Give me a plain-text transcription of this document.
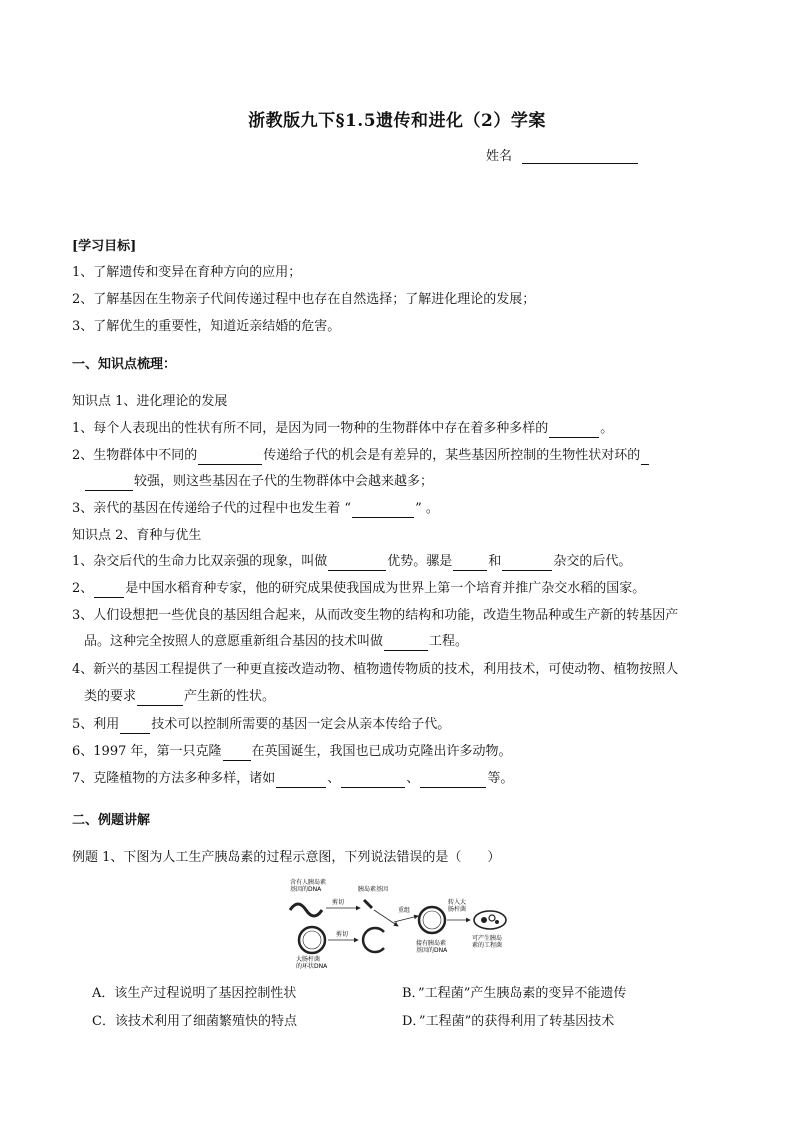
浙教版九下§1.5遗传和进化（2）学案
姓名
[学习目标]
1、了解遗传和变异在育种方向的应用；
2、了解基因在生物亲子代间传递过程中也存在自然选择；了解进化理论的发展；
3、了解优生的重要性，知道近亲结婚的危害。
一、知识点梳理：
知识点 1、进化理论的发展
1、每个人表现出的性状有所不同，是因为同一物种的生物群体中存在着多种多样的	。
2、生物群体中不同的	传递给子代的机会是有差异的，某些基因所控制的生物性状对环的
较强，则这些基因在子代的生物群体中会越来越多；
3、亲代的基因在传递给子代的过程中也发生着 “	” 。
知识点 2、育种与优生
1、杂交后代的生命力比双亲强的现象，叫做	优势。骡是	和	杂交的后代。
2、 是中国水稻育种专家，他的研究成果使我国成为世界上第一个培育并推广杂交水稻的国家。
3、人们设想把一些优良的基因组合起来，从而改变生物的结构和功能，改造生物品种或生产新的转基因产
品。这种完全按照人的意愿重新组合基因的技术叫做	工程。
4、新兴的基因工程提供了一种更直接改造动物、植物遗传物质的技术，利用技术，可使动物、植物按照人
类的要求	产生新的性状。
5、利用 技术可以控制所需要的基因一定会从亲本传给子代。
6、1997 年，第一只克隆 在英国诞生，我国也已成功克隆出许多动物。
7、克隆植物的方法多种多样，诸如	、	、	等。
二、例题讲解
例题 1、下图为人工生产胰岛素的过程示意图，下列说法错误的是（　　）
含有人胰岛素
基因的DNA
剪切
胰岛素基因
大肠杆菌
的环状DNA
剪切
重组
接有胰岛素
基因的DNA
转入大
肠杆菌
可产生胰岛
素的工程菌
A．该生产过程说明了基因控制性状	B．”工程菌”产生胰岛素的变异不能遗传
C．该技术利用了细菌繁殖快的特点	D．”工程菌”的获得利用了转基因技术
